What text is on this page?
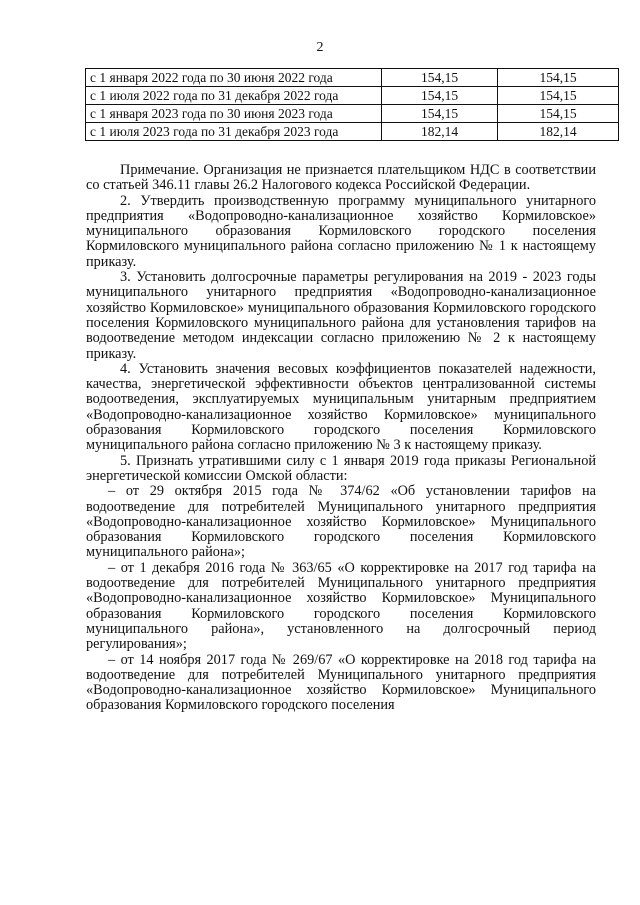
2
с 1 января 2022 года по 30 июня 2022 года	154,15	154,15
с 1 июля 2022 года по 31 декабря 2022 года	154,15	154,15
с 1 января 2023 года по 30 июня 2023 года	154,15	154,15
с 1 июля 2023 года по 31 декабря 2023 года	182,14	182,14

Примечание. Организация не признается плательщиком НДС в соответствии со статьей 346.11 главы 26.2 Налогового кодекса Российской Федерации.

2. Утвердить производственную программу муниципального унитарного предприятия «Водопроводно-канализационное хозяйство Кормиловское» муниципального образования Кормиловского городского поселения Кормиловского муниципального района согласно приложению № 1 к настоящему приказу.

3. Установить долгосрочные параметры регулирования на 2019 - 2023 годы муниципального унитарного предприятия «Водопроводно-канализационное хозяйство Кормиловское» муниципального образования Кормиловского городского поселения Кормиловского муниципального района для установления тарифов на водоотведение методом индексации согласно приложению № 2 к настоящему приказу.

4. Установить значения весовых коэффициентов показателей надежности, качества, энергетической эффективности объектов централизованной системы водоотведения, эксплуатируемых муниципальным унитарным предприятием «Водопроводно-канализационное хозяйство Кормиловское» муниципального образования Кормиловского городского поселения Кормиловского муниципального района согласно приложению № 3 к настоящему приказу.

5. Признать утратившими силу с 1 января 2019 года приказы Региональной энергетической комиссии Омской области:

– от 29 октября 2015 года № 374/62 «Об установлении тарифов на водоотведение для потребителей Муниципального унитарного предприятия «Водопроводно-канализационное хозяйство Кормиловское» Муниципального образования Кормиловского городского поселения Кормиловского муниципального района»;

– от 1 декабря 2016 года № 363/65 «О корректировке на 2017 год тарифа на водоотведение для потребителей Муниципального унитарного предприятия «Водопроводно-канализационное хозяйство Кормиловское» Муниципального образования Кормиловского городского поселения Кормиловского муниципального района», установленного на долгосрочный период регулирования»;

– от 14 ноября 2017 года № 269/67 «О корректировке на 2018 год тарифа на водоотведение для потребителей Муниципального унитарного предприятия «Водопроводно-канализационное хозяйство Кормиловское» Муниципального образования Кормиловского городского поселения
